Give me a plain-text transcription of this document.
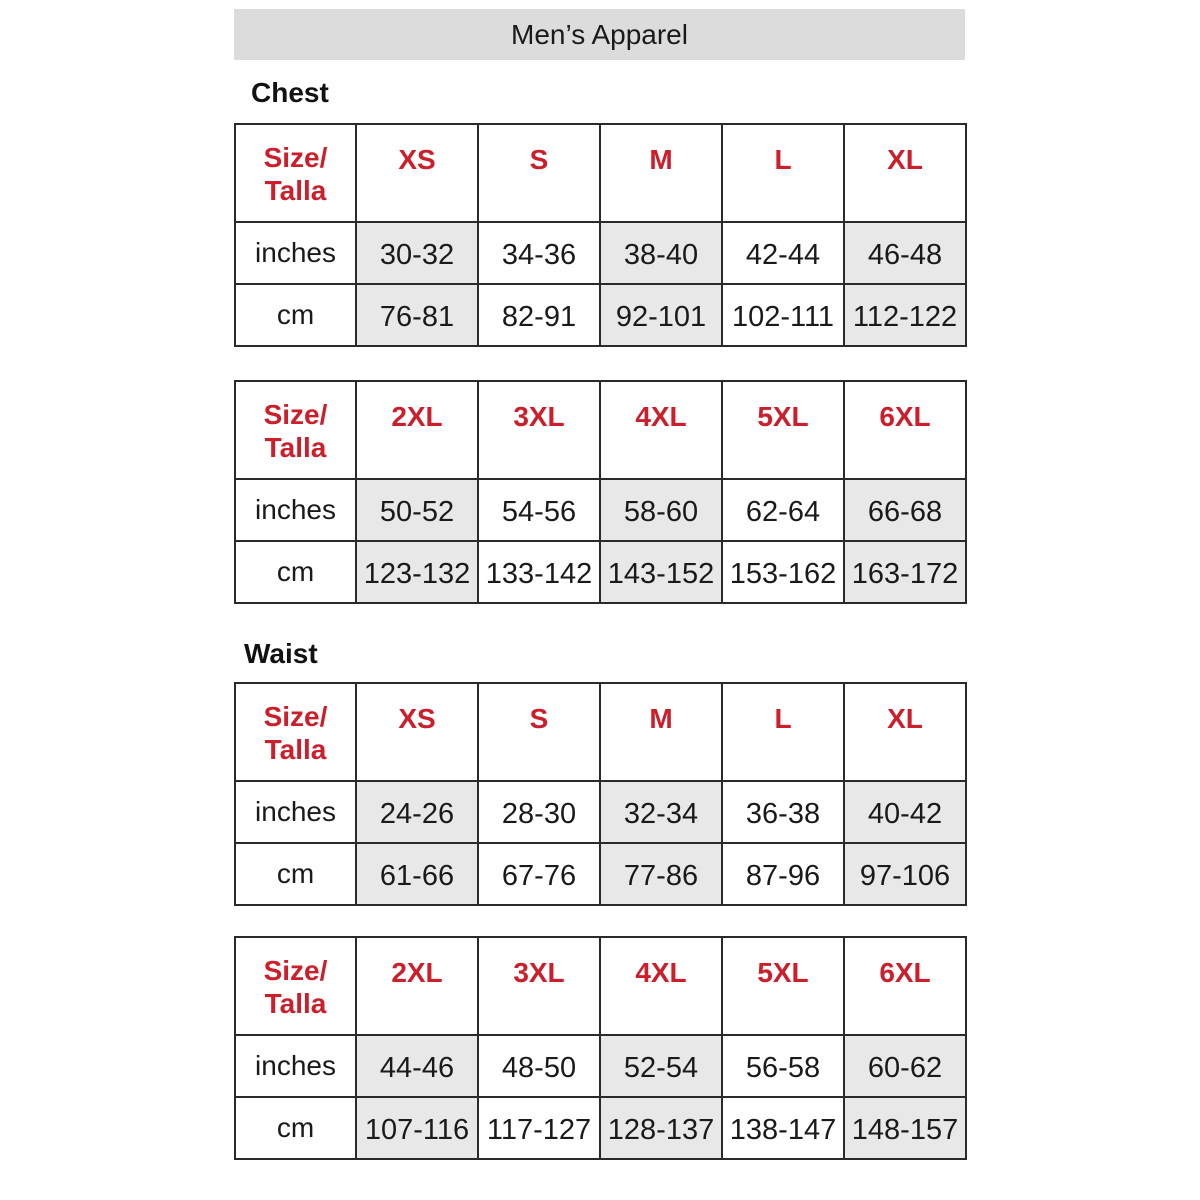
Men’s Apparel
Chest
Size/
Talla	XS	S	M	L	XL
inches	30-32	34-36	38-40	42-44	46-48
cm	76-81	82-91	92-101	102-111	112-122
Size/
Talla	2XL	3XL	4XL	5XL	6XL
inches	50-52	54-56	58-60	62-64	66-68
cm	123-132	133-142	143-152	153-162	163-172
Waist
Size/
Talla	XS	S	M	L	XL
inches	24-26	28-30	32-34	36-38	40-42
cm	61-66	67-76	77-86	87-96	97-106
Size/
Talla	2XL	3XL	4XL	5XL	6XL
inches	44-46	48-50	52-54	56-58	60-62
cm	107-116	117-127	128-137	138-147	148-157
